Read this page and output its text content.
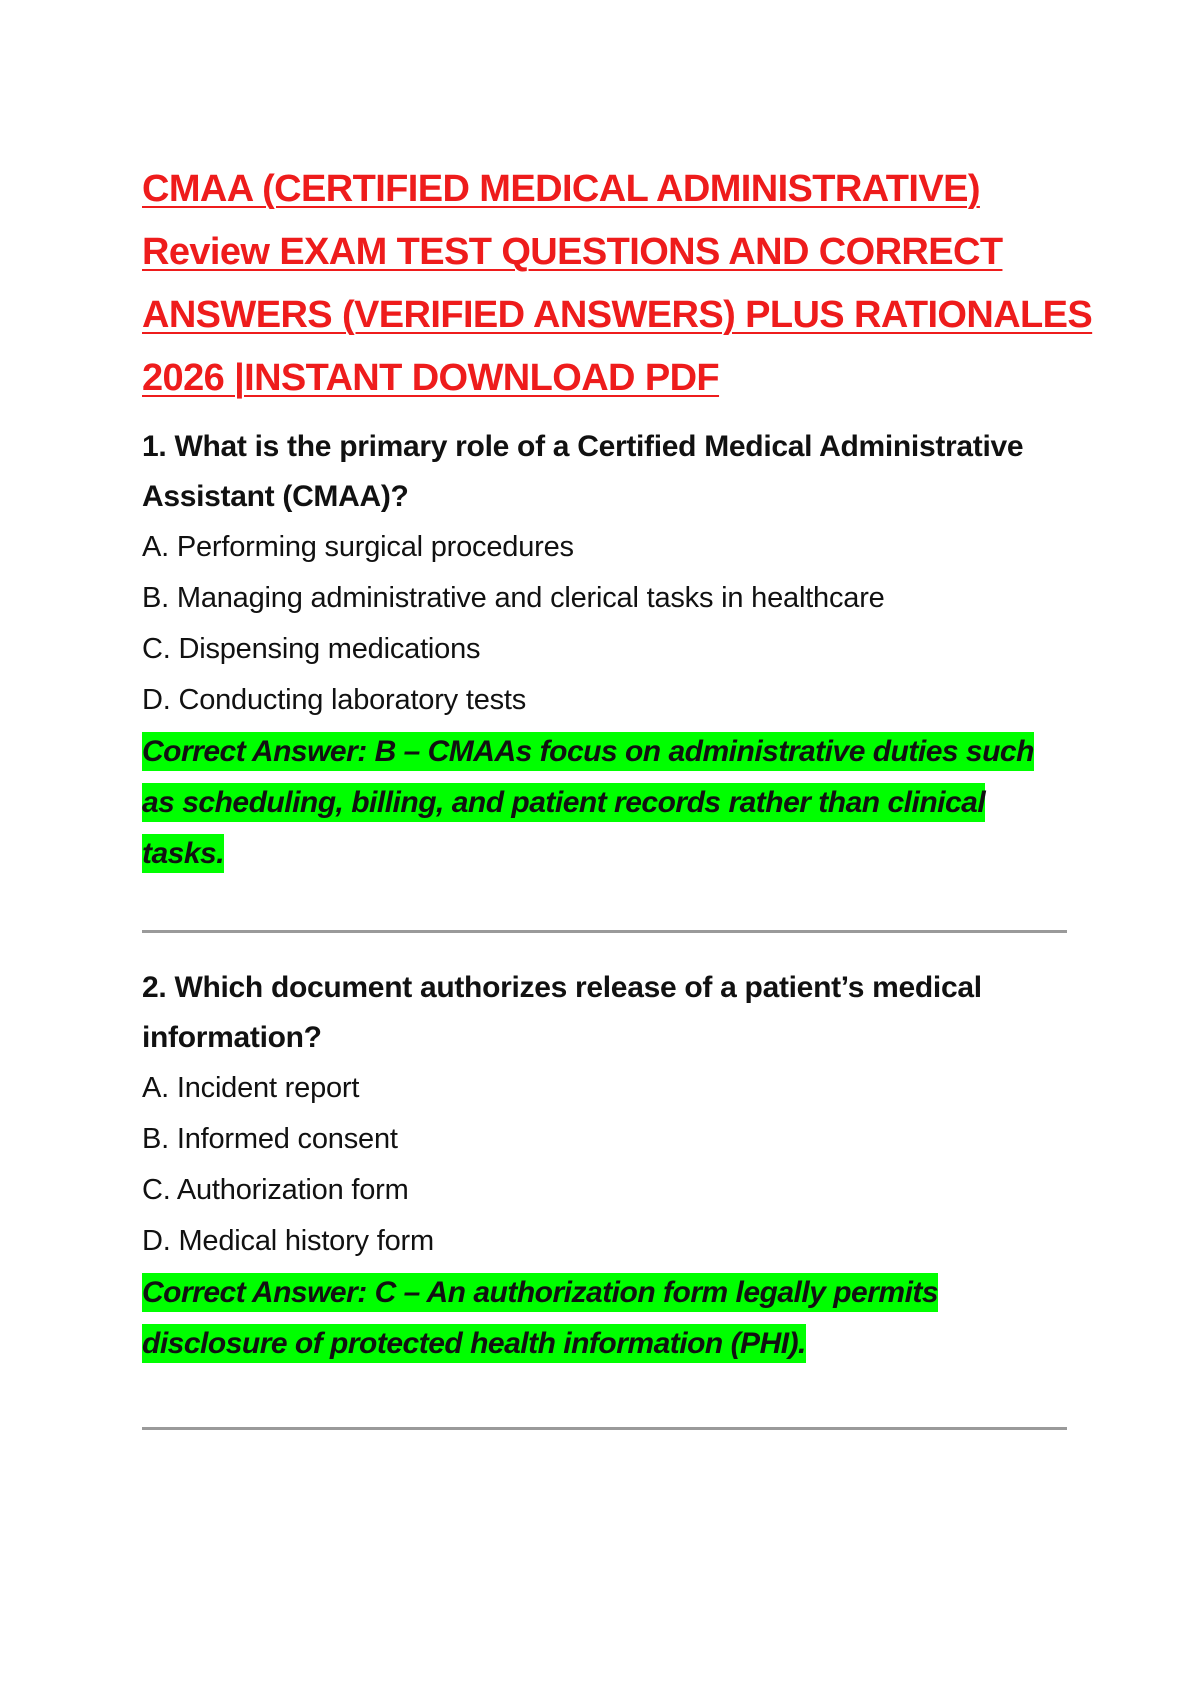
CMAA (CERTIFIED MEDICAL ADMINISTRATIVE)
Review EXAM TEST QUESTIONS AND CORRECT
ANSWERS (VERIFIED ANSWERS) PLUS RATIONALES
2026 |INSTANT DOWNLOAD PDF

1. What is the primary role of a Certified Medical Administrative Assistant (CMAA)?

A. Performing surgical procedures
B. Managing administrative and clerical tasks in healthcare
C. Dispensing medications
D. Conducting laboratory tests

Correct Answer: B – CMAAs focus on administrative duties such as scheduling, billing, and patient records rather than clinical tasks.

2. Which document authorizes release of a patient’s medical information?

A. Incident report
B. Informed consent
C. Authorization form
D. Medical history form

Correct Answer: C – An authorization form legally permits disclosure of protected health information (PHI).
